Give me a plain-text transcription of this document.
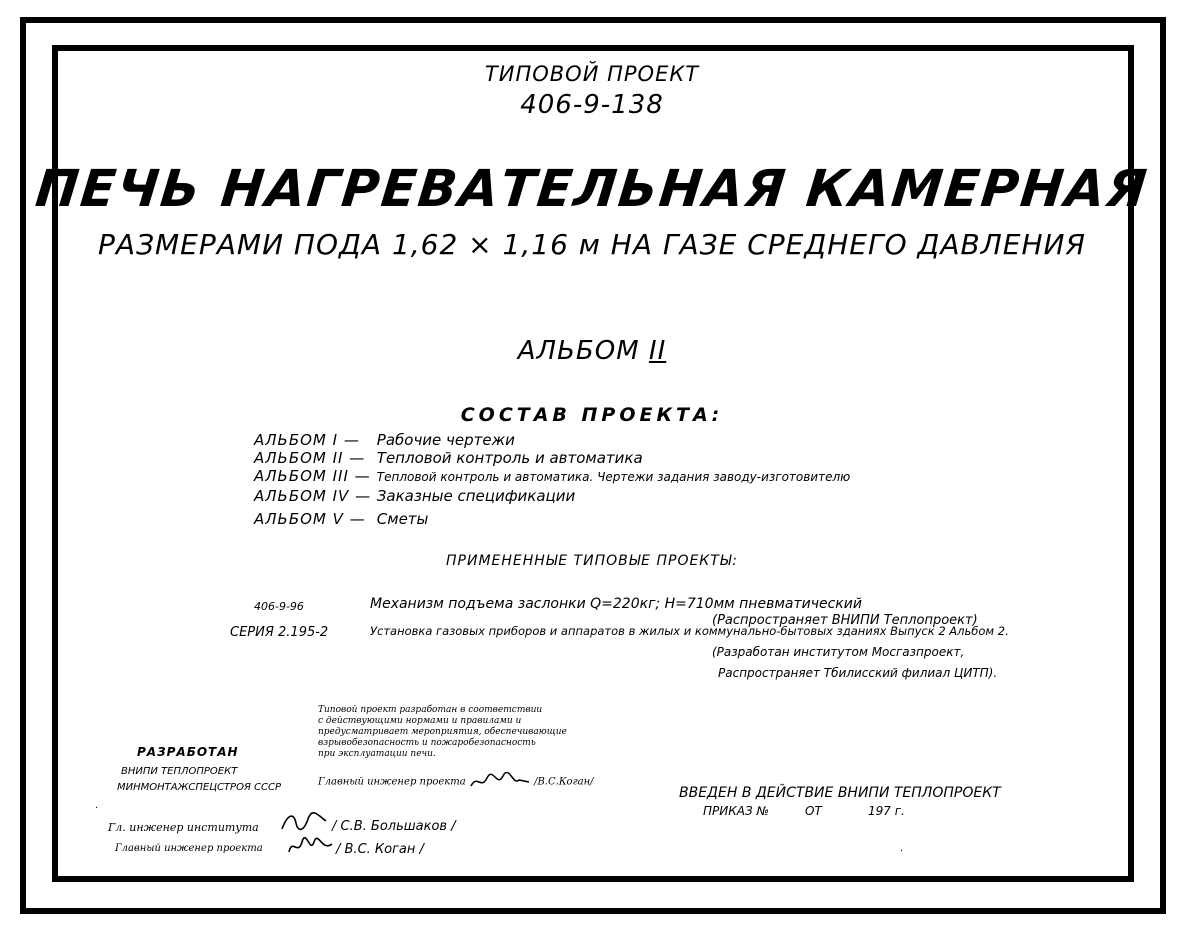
ТИПОВОЙ ПРОЕКТ
406-9-138
ПЕЧЬ НАГРЕВАТЕЛЬНАЯ КАМЕРНАЯ
РАЗМЕРАМИ ПОДА 1,62 × 1,16 м НА ГАЗЕ СРЕДНЕГО ДАВЛЕНИЯ
АЛЬБОМ II
СОСТАВ ПРОЕКТА:
АЛЬБОМ I — Рабочие чертежи
АЛЬБОМ II — Тепловой контроль и автоматика
АЛЬБОМ III — Тепловой контроль и автоматика. Чертежи задания заводу-изготовителю
АЛЬБОМ IV — Заказные спецификации
АЛЬБОМ V — Сметы
ПРИМЕНЕННЫЕ ТИПОВЫЕ ПРОЕКТЫ:
406-9-96	Механизм подъема заслонки Q=220кг; H=710мм пневматический
(Распространяет ВНИПИ Теплопроект)
СЕРИЯ 2.195-2	Установка газовых приборов и аппаратов в жилых и коммунально-бытовых зданиях Выпуск 2 Альбом 2.
(Разработан институтом Мосгазпроект,
Распространяет Тбилисский филиал ЦИТП).
Типовой проект разработан в соответствии
с действующими нормами и правилами и
предусматривает мероприятия, обеспечивающие
взрывобезопасность и пожаробезопасность
при эксплуатации печи.
Главный инженер проекта	/В.С.Коган/
РАЗРАБОТАН
ВНИПИ ТЕПЛОПРОЕКТ
МИНМОНТАЖСПЕЦСТРОЯ СССР	ВВЕДЕН В ДЕЙСТВИЕ ВНИПИ ТЕПЛОПРОЕКТ
ПРИКАЗ №	ОТ	197 г.
Гл. инженер института	/ С.В. Большаков /
Главный инженер проекта	/ В.С. Коган /
·
·
